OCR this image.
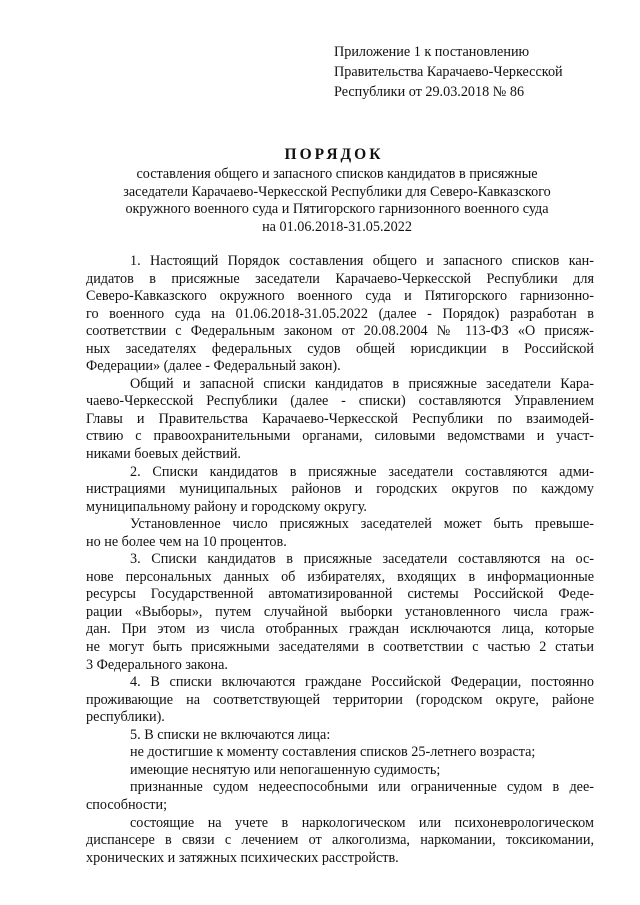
Приложение 1 к постановлению
Правительства Карачаево-Черкесской
Республики от 29.03.2018 № 86
ПОРЯДОК
составления общего и запасного списков кандидатов в присяжные
заседатели Карачаево-Черкесской Республики для Северо-Кавказского
окружного военного суда и Пятигорского гарнизонного военного суда
на 01.06.2018-31.05.2022
1. Настоящий Порядок составления общего и запасного списков кан-
дидатов в присяжные заседатели Карачаево-Черкесской Республики для
Северо-Кавказского окружного военного суда и Пятигорского гарнизонно-
го военного суда на 01.06.2018-31.05.2022 (далее - Порядок) разработан в
соответствии с Федеральным законом от 20.08.2004 № 113-ФЗ «О присяж-
ных заседателях федеральных судов общей юрисдикции в Российской
Федерации» (далее - Федеральный закон).
Общий и запасной списки кандидатов в присяжные заседатели Кара-
чаево-Черкесской Республики (далее - списки) составляются Управлением
Главы и Правительства Карачаево-Черкесской Республики по взаимодей-
ствию с правоохранительными органами, силовыми ведомствами и участ-
никами боевых действий.
2. Списки кандидатов в присяжные заседатели составляются адми-
нистрациями муниципальных районов и городских округов по каждому
муниципальному району и городскому округу.
Установленное число присяжных заседателей может быть превыше-
но не более чем на 10 процентов.
3. Списки кандидатов в присяжные заседатели составляются на ос-
нове персональных данных об избирателях, входящих в информационные
ресурсы Государственной автоматизированной системы Российской Феде-
рации «Выборы», путем случайной выборки установленного числа граж-
дан. При этом из числа отобранных граждан исключаются лица, которые
не могут быть присяжными заседателями в соответствии с частью 2 статьи
3 Федерального закона.
4. В списки включаются граждане Российской Федерации, постоянно
проживающие на соответствующей территории (городском округе, районе
республики).
5. В списки не включаются лица:
не достигшие к моменту составления списков 25-летнего возраста;
имеющие неснятую или непогашенную судимость;
признанные судом недееспособными или ограниченные судом в дее-
способности;
состоящие на учете в наркологическом или психоневрологическом
диспансере в связи с лечением от алкоголизма, наркомании, токсикомании,
хронических и затяжных психических расстройств.
